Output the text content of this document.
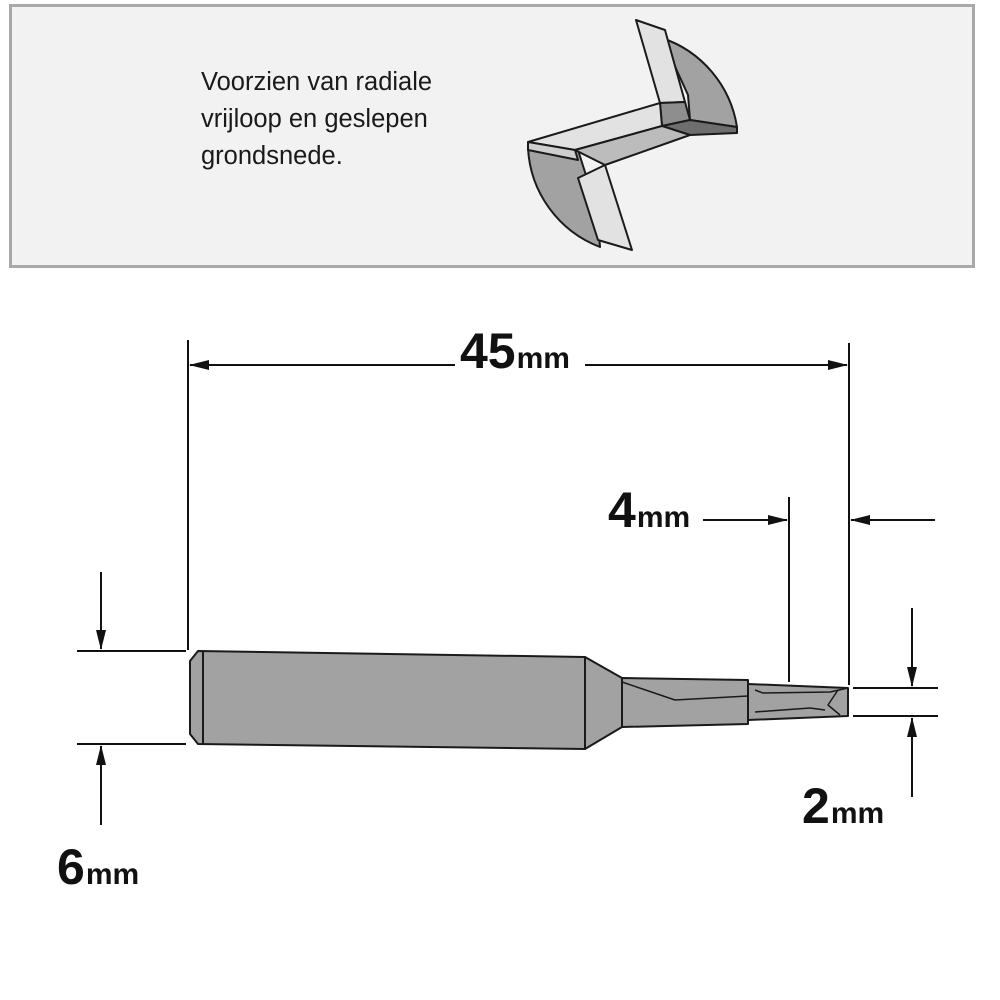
Voorzien van radiale
vrijloop en geslepen
grondsnede.

45mm
4mm
2mm
6mm
